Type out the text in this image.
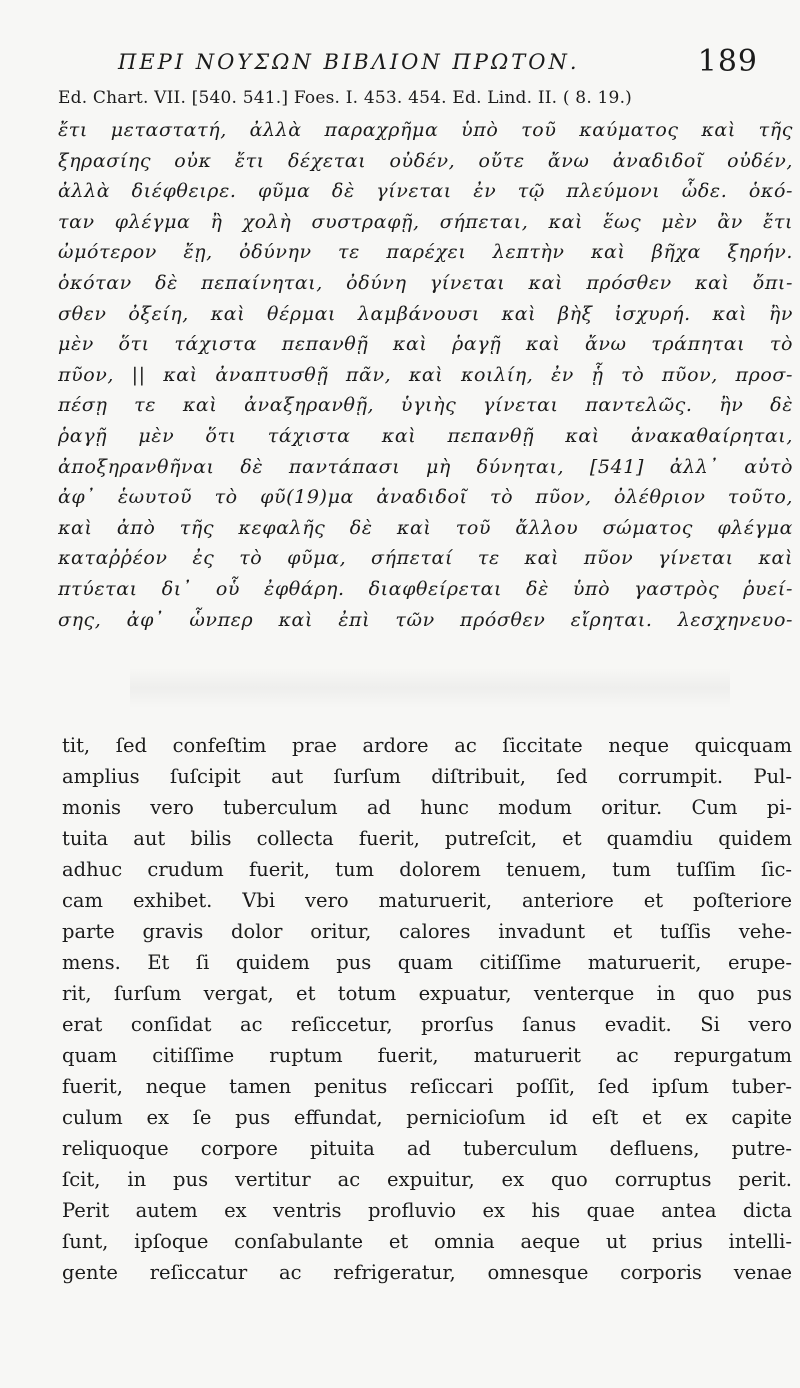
ΠΕΡΙ ΝΟΥΣΩΝ ΒΙΒΛΙΟΝ ΠΡΩΤΟΝ.	189
Ed. Chart. VII. [540. 541.] Foes. I. 453. 454. Ed. Lind. II. ( 8. 19.)
ἔτι μεταστατή, ἀλλὰ παραχρῆμα ὑπὸ τοῦ καύματος καὶ τῆς
ξηρασίης οὐκ ἔτι δέχεται οὐδέν, οὔτε ἄνω ἀναδιδοῖ οὐδέν,
ἀλλὰ διέφθειρε. φῦμα δὲ γίνεται ἐν τῷ πλεύμονι ὧδε. ὁκό-
ταν φλέγμα ἢ χολὴ συστραφῇ, σήπεται, καὶ ἕως μὲν ἂν ἔτι
ὠμότερον ἔῃ, ὀδύνην τε παρέχει λεπτὴν καὶ βῆχα ξηρήν.
ὁκόταν δὲ πεπαίνηται, ὀδύνη γίνεται καὶ πρόσθεν καὶ ὄπι-
σθεν ὀξείη, καὶ θέρμαι λαμβάνουσι καὶ βὴξ ἰσχυρή. καὶ ἢν
μὲν ὅτι τάχιστα πεπανθῇ καὶ ῥαγῇ καὶ ἄνω τράπηται τὸ
πῦον, || καὶ ἀναπτυσθῇ πᾶν, καὶ κοιλίη, ἐν ᾗ τὸ πῦον, προσ-
πέσῃ τε καὶ ἀναξηρανθῇ, ὑγιὴς γίνεται παντελῶς. ἢν δὲ
ῥαγῇ μὲν ὅτι τάχιστα καὶ πεπανθῇ καὶ ἀνακαθαίρηται,
ἀποξηρανθῆναι δὲ παντάπασι μὴ δύνηται, [541] ἀλλ᾽ αὐτὸ
ἀφ᾽ ἑωυτοῦ τὸ φῦ(19)μα ἀναδιδοῖ τὸ πῦον, ὀλέθριον τοῦτο,
καὶ ἀπὸ τῆς κεφαλῆς δὲ καὶ τοῦ ἄλλου σώματος φλέγμα
καταῤῥέον ἐς τὸ φῦμα, σήπεταί τε καὶ πῦον γίνεται καὶ
πτύεται δι᾽ οὗ ἐφθάρη. διαφθείρεται δὲ ὑπὸ γαστρὸς ῥυεί-
σης, ἀφ᾽ ὧνπερ καὶ ἐπὶ τῶν πρόσθεν εἴρηται. λεσχηνευο-
tit, ſed confeſtim prae ardore ac ſiccitate neque quicquam
amplius ſuſcipit aut ſurſum diſtribuit, ſed corrumpit. Pul-
monis vero tuberculum ad hunc modum oritur. Cum pi-
tuita aut bilis collecta fuerit, putreſcit, et quamdiu quidem
adhuc crudum fuerit, tum dolorem tenuem, tum tuſſim ſic-
cam exhibet. Vbi vero maturuerit, anteriore et poſteriore
parte gravis dolor oritur, calores invadunt et tuſſis vehe-
mens. Et ſi quidem pus quam citiſſime maturuerit, erupe-
rit, ſurſum vergat, et totum expuatur, venterque in quo pus
erat conſidat ac reſiccetur, prorſus ſanus evadit. Si vero
quam citiſſime ruptum fuerit, maturuerit ac repurgatum
fuerit, neque tamen penitus reſiccari poſſit, ſed ipſum tuber-
culum ex ſe pus effundat, pernicioſum id eſt et ex capite
reliquoque corpore pituita ad tuberculum defluens, putre-
ſcit, in pus vertitur ac expuitur, ex quo corruptus perit.
Perit autem ex ventris profluvio ex his quae antea dicta
ſunt, ipſoque conſabulante et omnia aeque ut prius intelli-
gente reſiccatur ac refrigeratur, omnesque corporis venae
